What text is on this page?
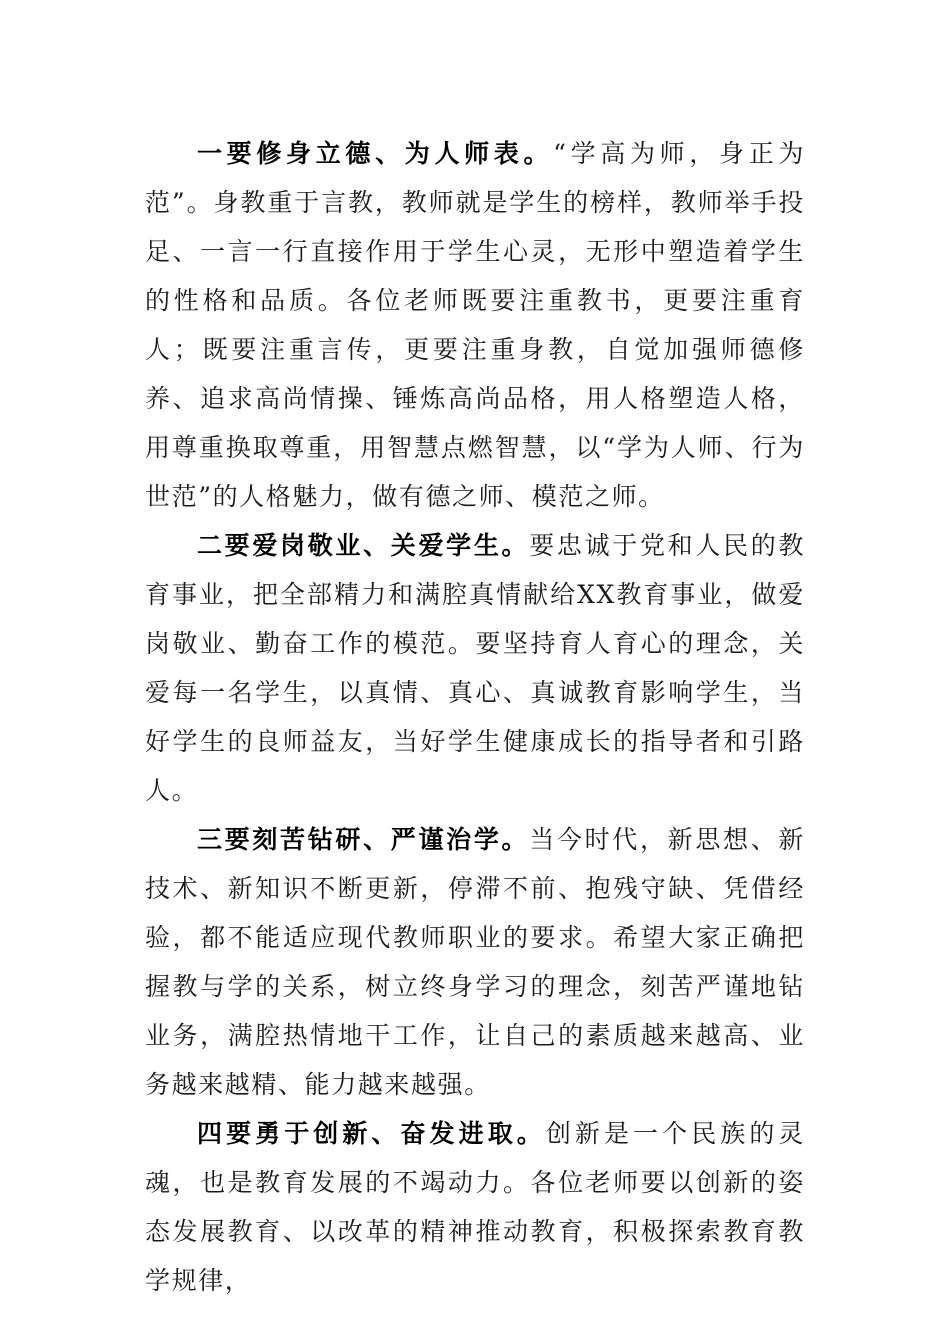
一要修身立德、为人师表。“学高为师，身正为范”。身教重于言教，教师就是学生的榜样，教师举手投足、一言一行直接作用于学生心灵，无形中塑造着学生的性格和品质。各位老师既要注重教书，更要注重育人；既要注重言传，更要注重身教，自觉加强师德修养、追求高尚情操、锤炼高尚品格，用人格塑造人格，用尊重换取尊重，用智慧点燃智慧，以“学为人师、行为世范”的人格魅力，做有德之师、模范之师。

二要爱岗敬业、关爱学生。要忠诚于党和人民的教育事业，把全部精力和满腔真情献给XX教育事业，做爱岗敬业、勤奋工作的模范。要坚持育人育心的理念，关爱每一名学生，以真情、真心、真诚教育影响学生，当好学生的良师益友，当好学生健康成长的指导者和引路人。

三要刻苦钻研、严谨治学。当今时代，新思想、新技术、新知识不断更新，停滞不前、抱残守缺、凭借经验，都不能适应现代教师职业的要求。希望大家正确把握教与学的关系，树立终身学习的理念，刻苦严谨地钻业务，满腔热情地干工作，让自己的素质越来越高、业务越来越精、能力越来越强。

四要勇于创新、奋发进取。创新是一个民族的灵魂，也是教育发展的不竭动力。各位老师要以创新的姿态发展教育、以改革的精神推动教育，积极探索教育教学规律，
